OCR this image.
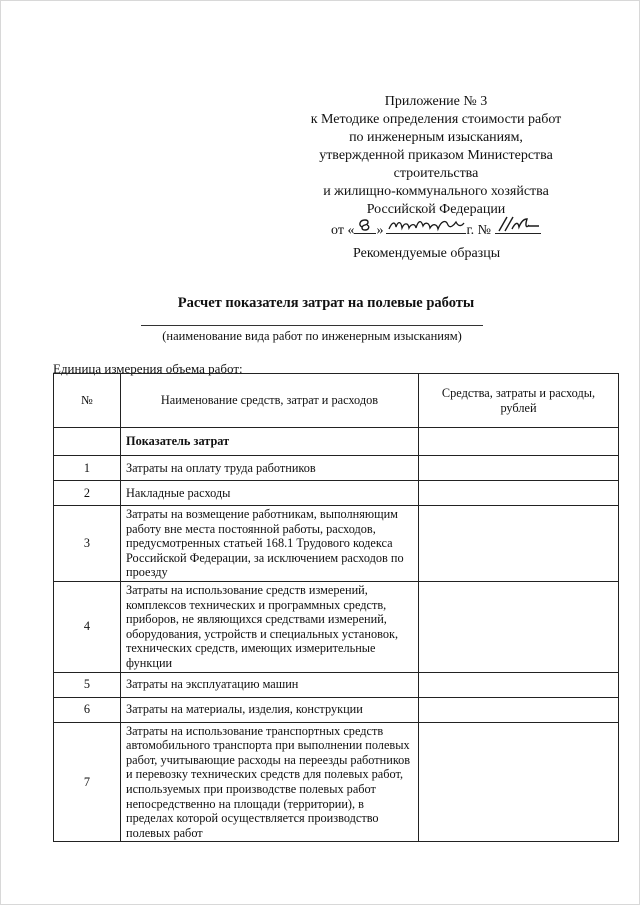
Приложение № 3
к Методике определения стоимости работ
по инженерным изысканиям,
утвержденной приказом Министерства
строительства
и жилищно-коммунального хозяйства
Российской Федерации
от « »	г. №
Рекомендуемые образцы
Расчет показателя затрат на полевые работы
(наименование вида работ по инженерным изысканиям)
Единица измерения объема работ:
№	Наименование средств, затрат и расходов	Средства, затраты и расходы, рублей
	Показатель затрат	
1	Затраты на оплату труда работников	
2	Накладные расходы	
3	Затраты на возмещение работникам, выполняющим работу вне места постоянной работы, расходов, предусмотренных статьей 168.1 Трудового кодекса Российской Федерации, за исключением расходов по проезду	
4	Затраты на использование средств измерений, комплексов технических и программных средств, приборов, не являющихся средствами измерений, оборудования, устройств и специальных установок, технических средств, имеющих измерительные функции	
5	Затраты на эксплуатацию машин	
6	Затраты на материалы, изделия, конструкции	
7	Затраты на использование транспортных средств автомобильного транспорта при выполнении полевых работ, учитывающие расходы на переезды работников и перевозку технических средств для полевых работ, используемых при производстве полевых работ непосредственно на площади (территории), в пределах которой осуществляется производство полевых работ	
